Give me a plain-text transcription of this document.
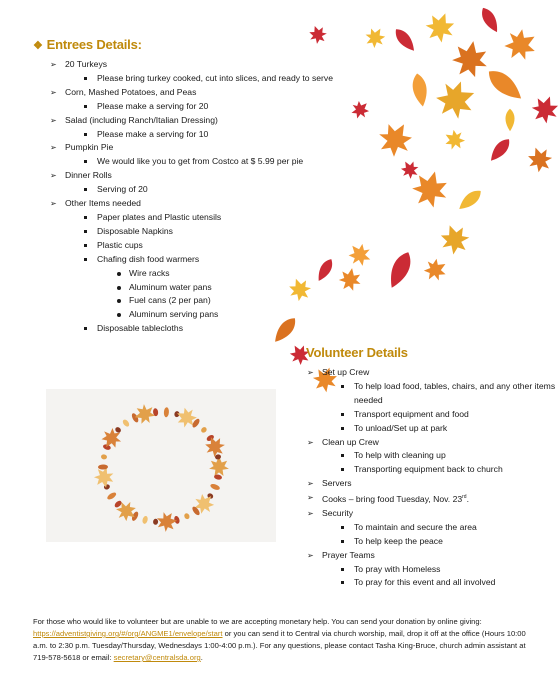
❖ Entrees Details:
➢ 20 Turkeys
Please bring turkey cooked, cut into slices, and ready to serve
➢ Corn, Mashed Potatoes, and Peas
Please make a serving for 20
➢ Salad (including Ranch/Italian Dressing)
Please make a serving for 10
➢ Pumpkin Pie
We would like you to get from Costco at $ 5.99 per pie
➢ Dinner Rolls
Serving of 20
➢ Other Items needed
Paper plates and Plastic utensils
Disposable Napkins
Plastic cups
Chafing dish food warmers
Wire racks
Aluminum water pans
Fuel cans (2 per pan)
Aluminum serving pans
Disposable tablecloths
Volunteer Details
➢ Set up Crew
To help load food, tables, chairs, and any other items needed
Transport equipment and food
To unload/Set up at park
➢ Clean up Crew
To help with cleaning up
Transporting equipment back to church
➢ Servers
➢ Cooks – bring food Tuesday, Nov. 23rd.
➢ Security
To maintain and secure the area
To help keep the peace
➢ Prayer Teams
To pray with Homeless
To pray for this event and all involved
For those who would like to volunteer but are unable to we are accepting monetary help. You can send your donation by online giving: https://adventistgiving.org/#/org/ANGME1/envelope/start or you can send it to Central via church worship, mail, drop it off at the office (Hours 10:00 a.m. to 2:30 p.m. Tuesday/Thursday, Wednesdays 1:00-4:00 p.m.). For any questions, please contact Tasha King-Bruce, church admin assistant at 719-578-5618 or email: secretary@centralsda.org.
